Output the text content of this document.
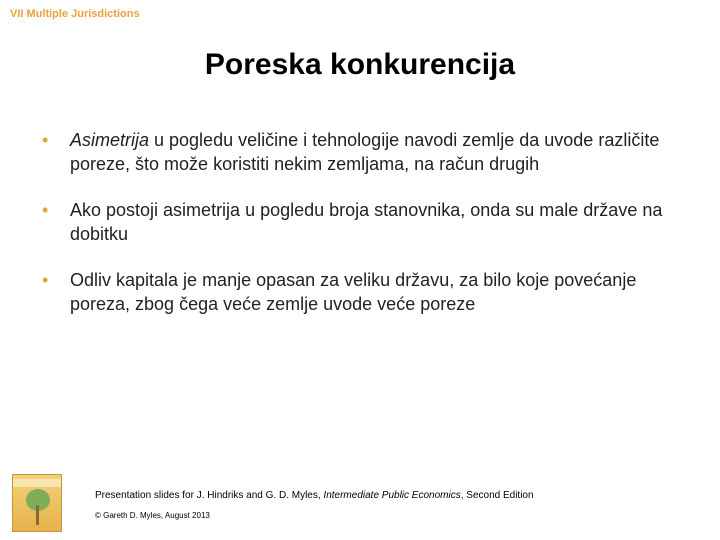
VII Multiple Jurisdictions
Poreska konkurencija
• Asimetrija u pogledu veličine i tehnologije navodi zemlje da uvode različite poreze, što može koristiti nekim zemljama, na račun drugih
• Ako postoji asimetrija u pogledu broja stanovnika, onda su male države na dobitku
• Odliv kapitala je manje opasan za veliku državu, za bilo koje povećanje poreza, zbog čega veće zemlje uvode veće poreze
Presentation slides for J. Hindriks and G. D. Myles, Intermediate Public Economics, Second Edition
© Gareth D. Myles, August 2013
